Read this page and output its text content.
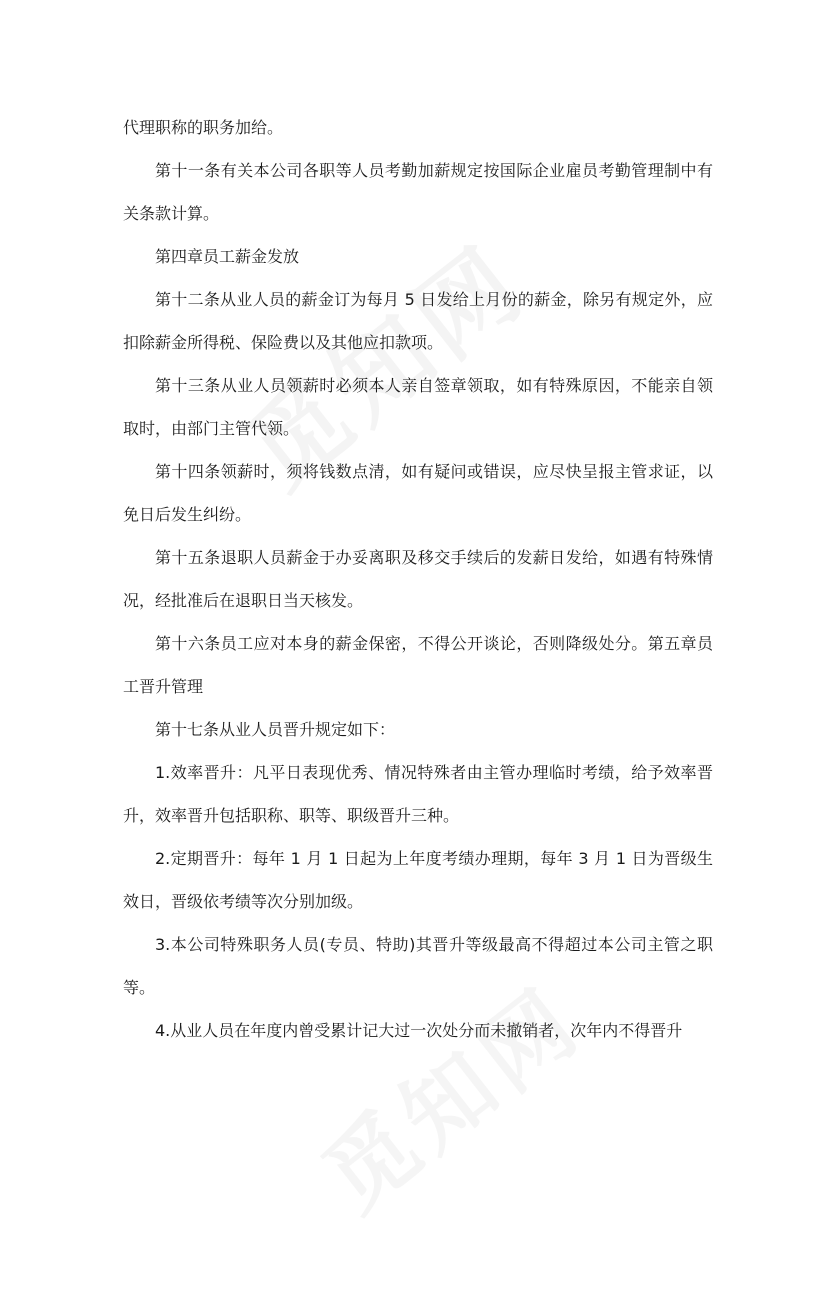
代理职称的职务加给。

第十一条有关本公司各职等人员考勤加薪规定按国际企业雇员考勤管理制中有关条款计算。

第四章员工薪金发放

第十二条从业人员的薪金订为每月 5 日发给上月份的薪金，除另有规定外，应扣除薪金所得税、保险费以及其他应扣款项。

第十三条从业人员领薪时必须本人亲自签章领取，如有特殊原因，不能亲自领取时，由部门主管代领。

第十四条领薪时，须将钱数点清，如有疑问或错误，应尽快呈报主管求证，以免日后发生纠纷。

第十五条退职人员薪金于办妥离职及移交手续后的发薪日发给，如遇有特殊情况，经批准后在退职日当天核发。

第十六条员工应对本身的薪金保密，不得公开谈论，否则降级处分。第五章员工晋升管理

第十七条从业人员晋升规定如下：

1.效率晋升：凡平日表现优秀、情况特殊者由主管办理临时考绩，给予效率晋升，效率晋升包括职称、职等、职级晋升三种。

2.定期晋升：每年 1 月 1 日起为上年度考绩办理期，每年 3 月 1 日为晋级生效日，晋级依考绩等次分别加级。

3.本公司特殊职务人员(专员、特助)其晋升等级最高不得超过本公司主管之职等。

4.从业人员在年度内曾受累计记大过一次处分而未撤销者，次年内不得晋升
